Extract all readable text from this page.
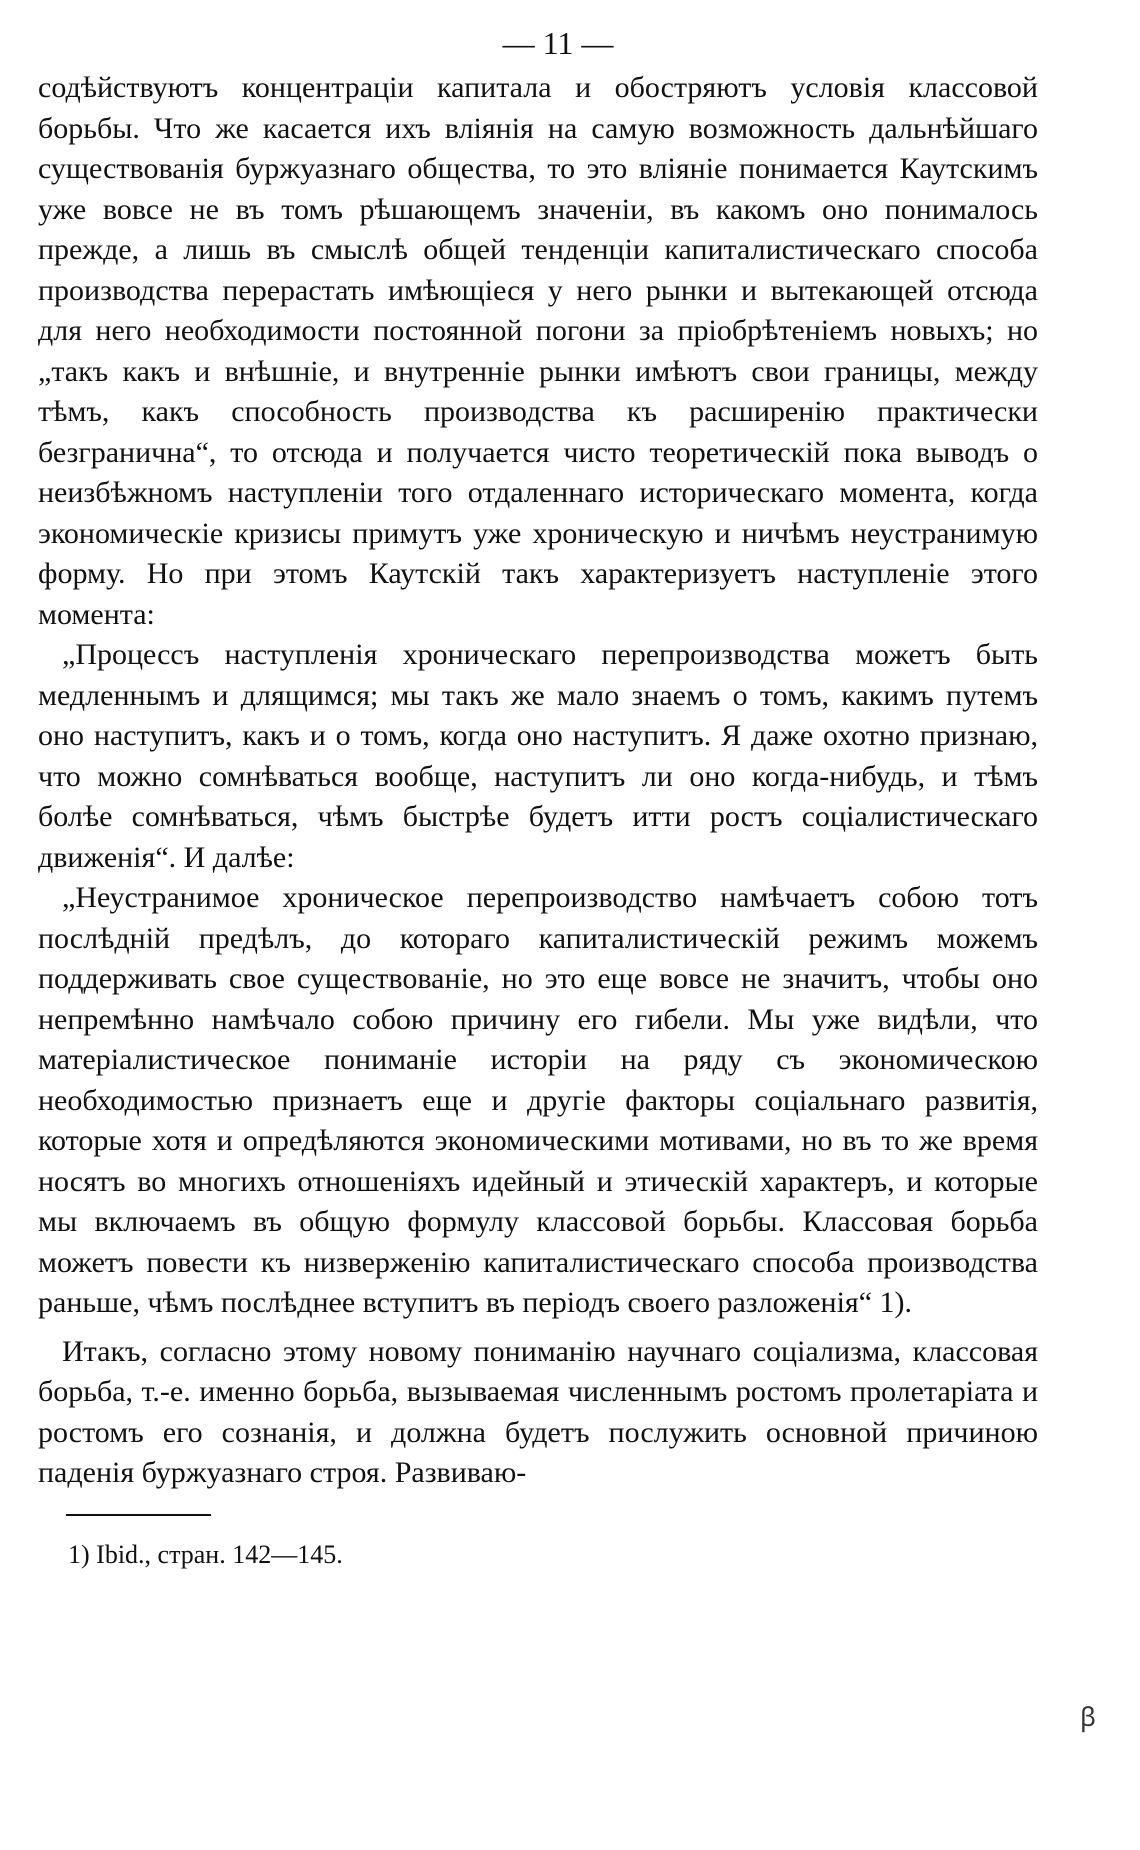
— 11 —

содѣйствуютъ концентраціи капитала и обостряютъ условія классовой борьбы. Что же касается ихъ вліянія на самую возможность дальнѣйшаго существованія буржуазнаго общества, то это вліяніе понимается Каутскимъ уже вовсе не въ томъ рѣшающемъ значеніи, въ какомъ оно понималось прежде, а лишь въ смыслѣ общей тенденціи капиталистическаго способа производства перерастать имѣющіеся у него рынки и вытекающей отсюда для него необходимости постоянной погони за пріобрѣтеніемъ новыхъ; но „такъ какъ и внѣшніе, и внутренніе рынки имѣютъ свои границы, между тѣмъ, какъ способность производства къ расширенію практически безгранична“, то отсюда и получается чисто теоретическій пока выводъ о неизбѣжномъ наступленіи того отдаленнаго историческаго момента, когда экономическіе кризисы примутъ уже хроническую и ничѣмъ неустранимую форму. Но при этомъ Каутскій такъ характеризуетъ наступленіе этого момента:

„Процессъ наступленія хроническаго перепроизводства можетъ быть медленнымъ и длящимся; мы такъ же мало знаемъ о томъ, какимъ путемъ оно наступитъ, какъ и о томъ, когда оно наступитъ. Я даже охотно признаю, что можно сомнѣваться вообще, наступитъ ли оно когда-нибудь, и тѣмъ болѣе сомнѣваться, чѣмъ быстрѣе будетъ итти ростъ соціалистическаго движенія“. И далѣе:

„Неустранимое хроническое перепроизводство намѣчаетъ собою тотъ послѣдній предѣлъ, до котораго капиталистическій режимъ можемъ поддерживать свое существованіе, но это еще вовсе не значитъ, чтобы оно непремѣнно намѣчало собою причину его гибели. Мы уже видѣли, что матеріалистическое пониманіе исторіи на ряду съ экономическою необходимостью признаетъ еще и другіе факторы соціальнаго развитія, которые хотя и опредѣляются экономическими мотивами, но въ то же время носятъ во многихъ отношеніяхъ идейный и этическій характеръ, и которые мы включаемъ въ общую формулу классовой борьбы. Классовая борьба можетъ повести къ низверженію капиталистическаго способа производства раньше, чѣмъ послѣднее вступитъ въ періодъ своего разложенія“ 1).

Итакъ, согласно этому новому пониманію научнаго соціализма, классовая борьба, т.-е. именно борьба, вызываемая численнымъ ростомъ пролетаріата и ростомъ его сознанія, и должна будетъ послужить основной причиною паденія буржуазнаго строя. Развиваю-

1) Ibid., стран. 142—145.
ꞵ
